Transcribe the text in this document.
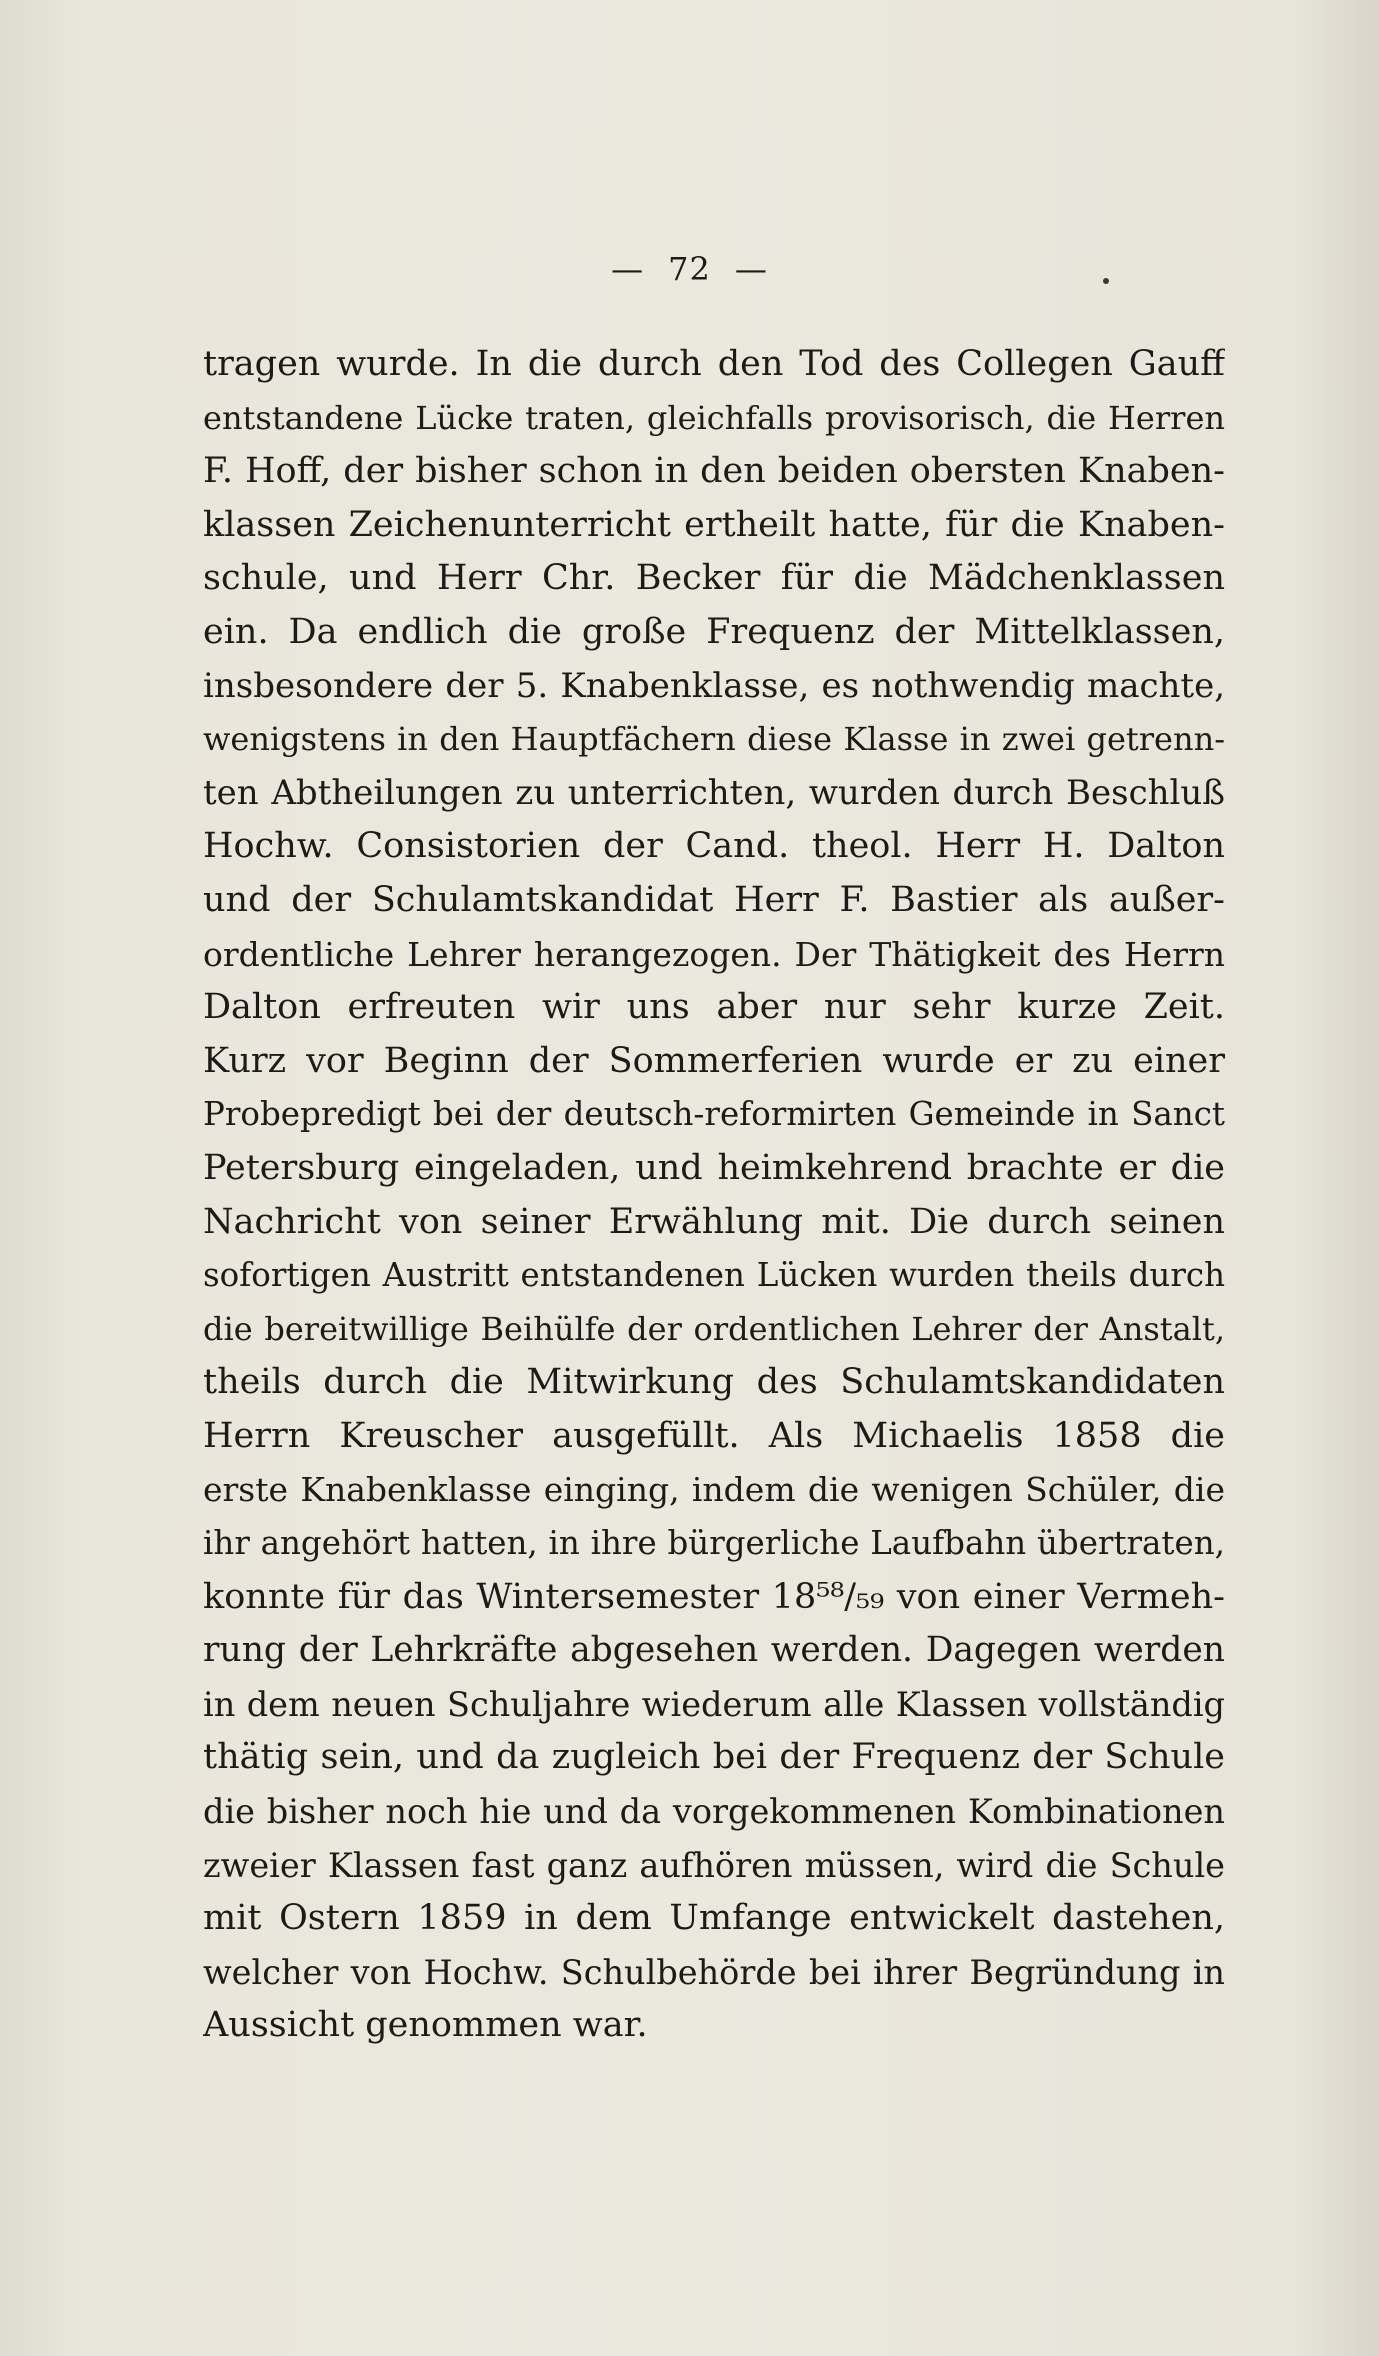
— 72 —
tragen wurde. In die durch den Tod des Collegen Gauff
entstandene Lücke traten, gleichfalls provisorisch, die Herren
F. Hoff, der bisher schon in den beiden obersten Knaben-
klassen Zeichenunterricht ertheilt hatte, für die Knaben-
schule, und Herr Chr. Becker für die Mädchenklassen
ein. Da endlich die große Frequenz der Mittelklassen,
insbesondere der 5. Knabenklasse, es nothwendig machte,
wenigstens in den Hauptfächern diese Klasse in zwei getrenn-
ten Abtheilungen zu unterrichten, wurden durch Beschluß
Hochw. Consistorien der Cand. theol. Herr H. Dalton
und der Schulamtskandidat Herr F. Bastier als außer-
ordentliche Lehrer herangezogen. Der Thätigkeit des Herrn
Dalton erfreuten wir uns aber nur sehr kurze Zeit.
Kurz vor Beginn der Sommerferien wurde er zu einer
Probepredigt bei der deutsch-reformirten Gemeinde in Sanct
Petersburg eingeladen, und heimkehrend brachte er die
Nachricht von seiner Erwählung mit. Die durch seinen
sofortigen Austritt entstandenen Lücken wurden theils durch
die bereitwillige Beihülfe der ordentlichen Lehrer der Anstalt,
theils durch die Mitwirkung des Schulamtskandidaten
Herrn Kreuscher ausgefüllt. Als Michaelis 1858 die
erste Knabenklasse einging, indem die wenigen Schüler, die
ihr angehört hatten, in ihre bürgerliche Laufbahn übertraten,
konnte für das Wintersemester 18⁵⁸/₅₉ von einer Vermeh-
rung der Lehrkräfte abgesehen werden. Dagegen werden
in dem neuen Schuljahre wiederum alle Klassen vollständig
thätig sein, und da zugleich bei der Frequenz der Schule
die bisher noch hie und da vorgekommenen Kombinationen
zweier Klassen fast ganz aufhören müssen, wird die Schule
mit Ostern 1859 in dem Umfange entwickelt dastehen,
welcher von Hochw. Schulbehörde bei ihrer Begründung in
Aussicht genommen war.
